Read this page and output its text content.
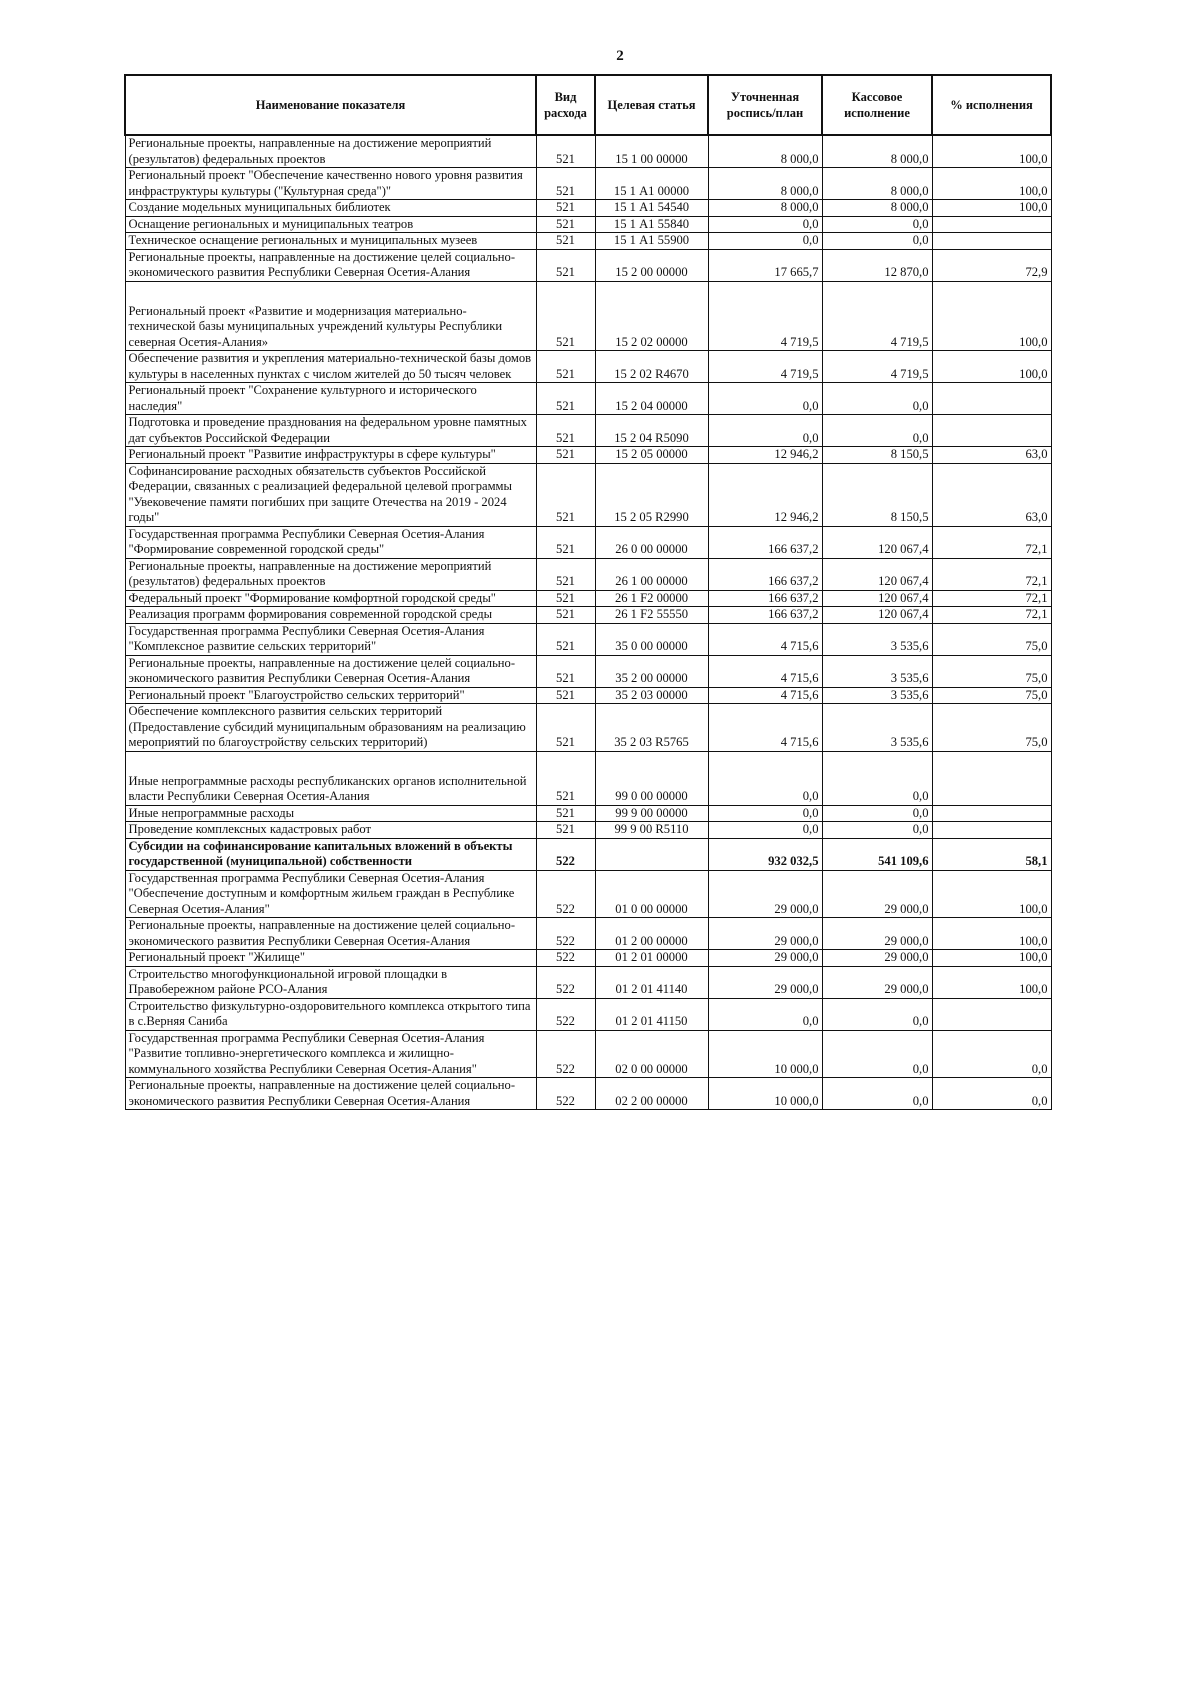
2
Наименование показателя	Вид расхода	Целевая статья	Уточненная роспись/план	Кассовое исполнение	% исполнения
Региональные проекты, направленные на достижение мероприятий (результатов) федеральных проектов	521	15 1 00 00000	8 000,0	8 000,0	100,0
Региональный проект "Обеспечение качественно нового уровня развития инфраструктуры культуры ("Культурная среда")"	521	15 1 А1 00000	8 000,0	8 000,0	100,0
Создание модельных муниципальных библиотек	521	15 1 А1 54540	8 000,0	8 000,0	100,0
Оснащение региональных и муниципальных театров	521	15 1 А1 55840	0,0	0,0	
Техническое оснащение региональных и муниципальных музеев	521	15 1 А1 55900	0,0	0,0	
Региональные проекты, направленные на достижение целей социально-экономического развития Республики Северная Осетия-Алания	521	15 2 00 00000	17 665,7	12 870,0	72,9
Региональный проект «Развитие и модернизация материально- технической базы муниципальных учреждений культуры Республики северная Осетия-Алания»	521	15 2 02 00000	4 719,5	4 719,5	100,0
Обеспечение развития и укрепления материально-технической базы домов культуры в населенных пунктах с числом жителей до 50 тысяч человек	521	15 2 02 R4670	4 719,5	4 719,5	100,0
Региональный проект "Сохранение культурного и исторического наследия"	521	15 2 04 00000	0,0	0,0	
Подготовка и проведение празднования на федеральном уровне памятных дат субъектов Российской Федерации	521	15 2 04 R5090	0,0	0,0	
Региональный проект "Развитие инфраструктуры в сфере культуры"	521	15 2 05 00000	12 946,2	8 150,5	63,0
Софинансирование расходных обязательств субъектов Российской Федерации, связанных с реализацией федеральной целевой программы "Увековечение памяти погибших при защите Отечества на 2019 - 2024 годы"	521	15 2 05 R2990	12 946,2	8 150,5	63,0
Государственная программа Республики Северная Осетия-Алания "Формирование современной городской среды"	521	26 0 00 00000	166 637,2	120 067,4	72,1
Региональные проекты, направленные на достижение мероприятий (результатов) федеральных проектов	521	26 1 00 00000	166 637,2	120 067,4	72,1
Федеральный проект "Формирование комфортной городской среды"	521	26 1 F2 00000	166 637,2	120 067,4	72,1
Реализация программ формирования современной городской среды	521	26 1 F2 55550	166 637,2	120 067,4	72,1
Государственная программа Республики Северная Осетия-Алания "Комплексное развитие сельских территорий"	521	35 0 00 00000	4 715,6	3 535,6	75,0
Региональные проекты, направленные на достижение целей социально-экономического развития Республики Северная Осетия-Алания	521	35 2 00 00000	4 715,6	3 535,6	75,0
Региональный проект "Благоустройство сельских территорий"	521	35 2 03 00000	4 715,6	3 535,6	75,0
Обеспечение комплексного развития сельских территорий (Предоставление субсидий муниципальным образованиям на реализацию мероприятий по благоустройству сельских территорий)	521	35 2 03 R5765	4 715,6	3 535,6	75,0
Иные непрограммные расходы республиканских органов исполнительной власти Республики Северная Осетия-Алания	521	99 0 00 00000	0,0	0,0	
Иные непрограммные расходы	521	99 9 00 00000	0,0	0,0	
Проведение комплексных кадастровых работ	521	99 9 00 R5110	0,0	0,0	
Субсидии на софинансирование капитальных вложений в объекты государственной (муниципальной) собственности	522		932 032,5	541 109,6	58,1
Государственная программа Республики Северная Осетия-Алания "Обеспечение доступным и комфортным жильем граждан в Республике Северная Осетия-Алания"	522	01 0 00 00000	29 000,0	29 000,0	100,0
Региональные проекты, направленные на достижение целей социально-экономического развития Республики Северная Осетия-Алания	522	01 2 00 00000	29 000,0	29 000,0	100,0
Региональный проект "Жилище"	522	01 2 01 00000	29 000,0	29 000,0	100,0
Строительство многофункциональной игровой площадки в Правобережном районе РСО-Алания	522	01 2 01 41140	29 000,0	29 000,0	100,0
Строительство физкультурно-оздоровительного комплекса открытого типа в с.Верняя Саниба	522	01 2 01 41150	0,0	0,0	
Государственная программа Республики Северная Осетия-Алания "Развитие топливно-энергетического комплекса и жилищно-коммунального хозяйства Республики Северная Осетия-Алания"	522	02 0 00 00000	10 000,0	0,0	0,0
Региональные проекты, направленные на достижение целей социально-экономического развития Республики Северная Осетия-Алания	522	02 2 00 00000	10 000,0	0,0	0,0
